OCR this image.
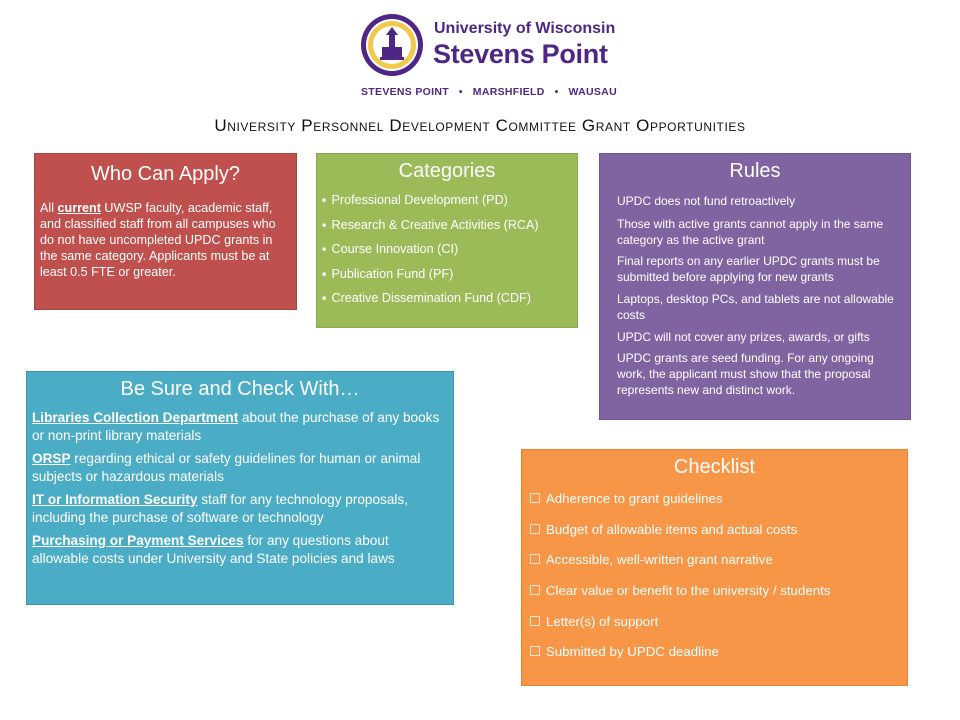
University of Wisconsin
Stevens Point
STEVENS POINT • MARSHFIELD • WAUSAU
University Personnel Development Committee Grant Opportunities
Who Can Apply?

All current UWSP faculty, academic staff, and classified staff from all campuses who do not have uncompleted UPDC grants in the same category. Applicants must be at least 0.5 FTE or greater.

Categories
▪ Professional Development (PD)
▪ Research & Creative Activities (RCA)
▪ Course Innovation (CI)
▪ Publication Fund (PF)
▪ Creative Dissemination Fund (CDF)
Rules

UPDC does not fund retroactively

Those with active grants cannot apply in the same category as the active grant

Final reports on any earlier UPDC grants must be submitted before applying for new grants

Laptops, desktop PCs, and tablets are not allowable costs

UPDC will not cover any prizes, awards, or gifts

UPDC grants are seed funding. For any ongoing work, the applicant must show that the proposal represents new and distinct work.

Be Sure and Check With…

Libraries Collection Department about the purchase of any books or non-print library materials

ORSP regarding ethical or safety guidelines for human or animal subjects or hazardous materials

IT or Information Security staff for any technology proposals, including the purchase of software or technology

Purchasing or Payment Services for any questions about allowable costs under University and State policies and laws

Checklist
☐ Adherence to grant guidelines
☐ Budget of allowable items and actual costs
☐ Accessible, well-written grant narrative
☐ Clear value or benefit to the university / students
☐ Letter(s) of support
☐ Submitted by UPDC deadline
